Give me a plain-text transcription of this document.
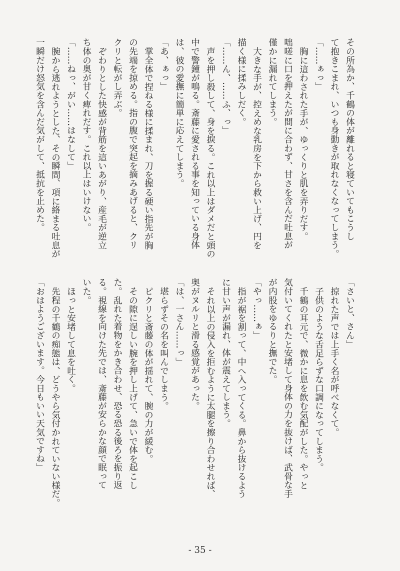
その所為か、千鶴の体が離れると寝ていてもこうし

て抱きこまれ、いつも身動きが取れなくなってしまう。

「……ぁっ」

胸に這わされた手が、ゆっくりと肌を弄りだす。

咄嗟に口を押えたが間に合わず、甘さを含んだ吐息が

僅かに漏れてしまう。

大きな手が、控えめな乳房を下から救い上げ、円を

描く様に揉みしだく。

「……ん、……ふ、っ」

声を押し殺して、身を捩る。これ以上はダメだと頭の

中で警鐘が鳴る。斎藤に愛される事を知っている身体

は、彼の愛撫に簡単に応えてしまう。

「あ、ぁっ」

掌全体で捏ねる様に揉まれ、刀を握る硬い指先が胸

の先端を掠める。指の腹で突起を摘みあげると、クリ

クリと転がし弄ぶ。

ぞわりとした快感が背筋を這いあがり、産毛が逆立

ち体の奥が甘く痺れだす。これ以上はいけない。

「……ねっ、がい……はなして」

腕から逃れようとした、その瞬間、項に絡まる吐息が

一瞬だけ怒気を含んだ気がして、抵抗を止めた。

「さいと、さん」

掠れた声では上手く名が呼べなくて。

子供のような舌足らずな口調になってしまう。

千鶴の耳元で、微かに息を飲む気配がした。やっと

気付いてくれたと安堵して身体の力を抜けば、武骨な手

が内股をゆるりと撫でた。

「やっ……ぁ」

指が裾を割って、中へ入ってくる。鼻から抜けるよう

に甘い声が漏れ、体が震えてしまう。

それ以上の侵入を拒むように太腿を擦り合わせれば、

奥がヌルリと滑る感覚があった。

「は、一さん……っ」

堪らずその名を叫んでしまう。

ピクリと斎藤の体が揺れて、腕の力が緩む。

その隙に逞しい腕を押し上げて、急いで体を起こし

た。乱れた着物をかき合わせ、恐る恐る後ろを振り返

る。視線を向けた先では、斎藤が安らかな顔で眠って

いた。

ほっと安堵して息を吐く。

先程の千鶴の痴態は、どうやら気付かれていない様だ。

「おはようございます。今日もいい天気ですね」

- 35 -
